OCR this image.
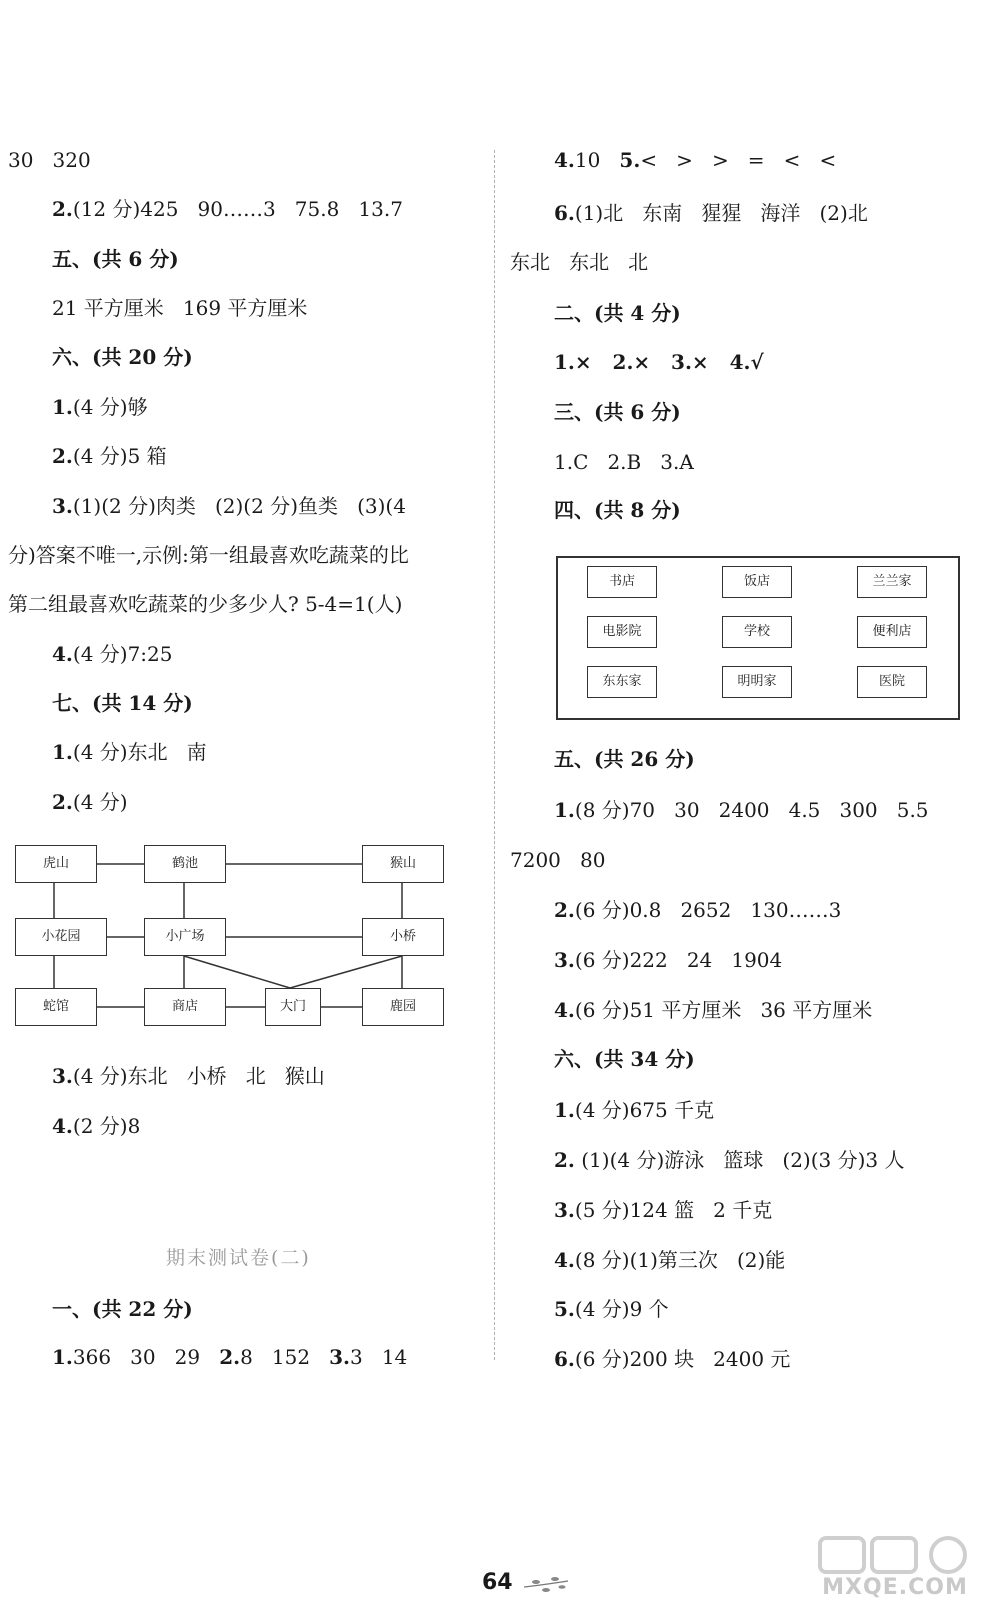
30   320
2.(12 分)425   90……3   75.8   13.7
五、(共 6 分)
21 平方厘米   169 平方厘米
六、(共 20 分)
1.(4 分)够
2.(4 分)5 箱
3.(1)(2 分)肉类   (2)(2 分)鱼类   (3)(4
分)答案不唯一,示例:第一组最喜欢吃蔬菜的比
第二组最喜欢吃蔬菜的少多少人? 5-4=1(人)
4.(4 分)7:25
七、(共 14 分)
1.(4 分)东北   南
2.(4 分)
虎山	鹤池	猴山
小花园	小广场	小桥
蛇馆	商店	大门	鹿园
3.(4 分)东北   小桥   北   猴山
4.(2 分)8
期末测试卷(二)
一、(共 22 分)
1.366   30   29   2.8   152   3.3   14
4.10   5.<   >   >   =   <   <
6.(1)北   东南   猩猩   海洋   (2)北
东北   东北   北
二、(共 4 分)
1.×   2.×   3.×   4.√
三、(共 6 分)
1.C   2.B   3.A
四、(共 8 分)
书店	饭店	兰兰家
电影院	学校	便利店
东东家	明明家	医院
五、(共 26 分)
1.(8 分)70   30   2400   4.5   300   5.5
7200   80
2.(6 分)0.8   2652   130……3
3.(6 分)222   24   1904
4.(6 分)51 平方厘米   36 平方厘米
六、(共 34 分)
1.(4 分)675 千克
2. (1)(4 分)游泳   篮球   (2)(3 分)3 人
3.(5 分)124 篮   2 千克
4.(8 分)(1)第三次   (2)能
5.(4 分)9 个
6.(6 分)200 块   2400 元
64	MXQE.COM
